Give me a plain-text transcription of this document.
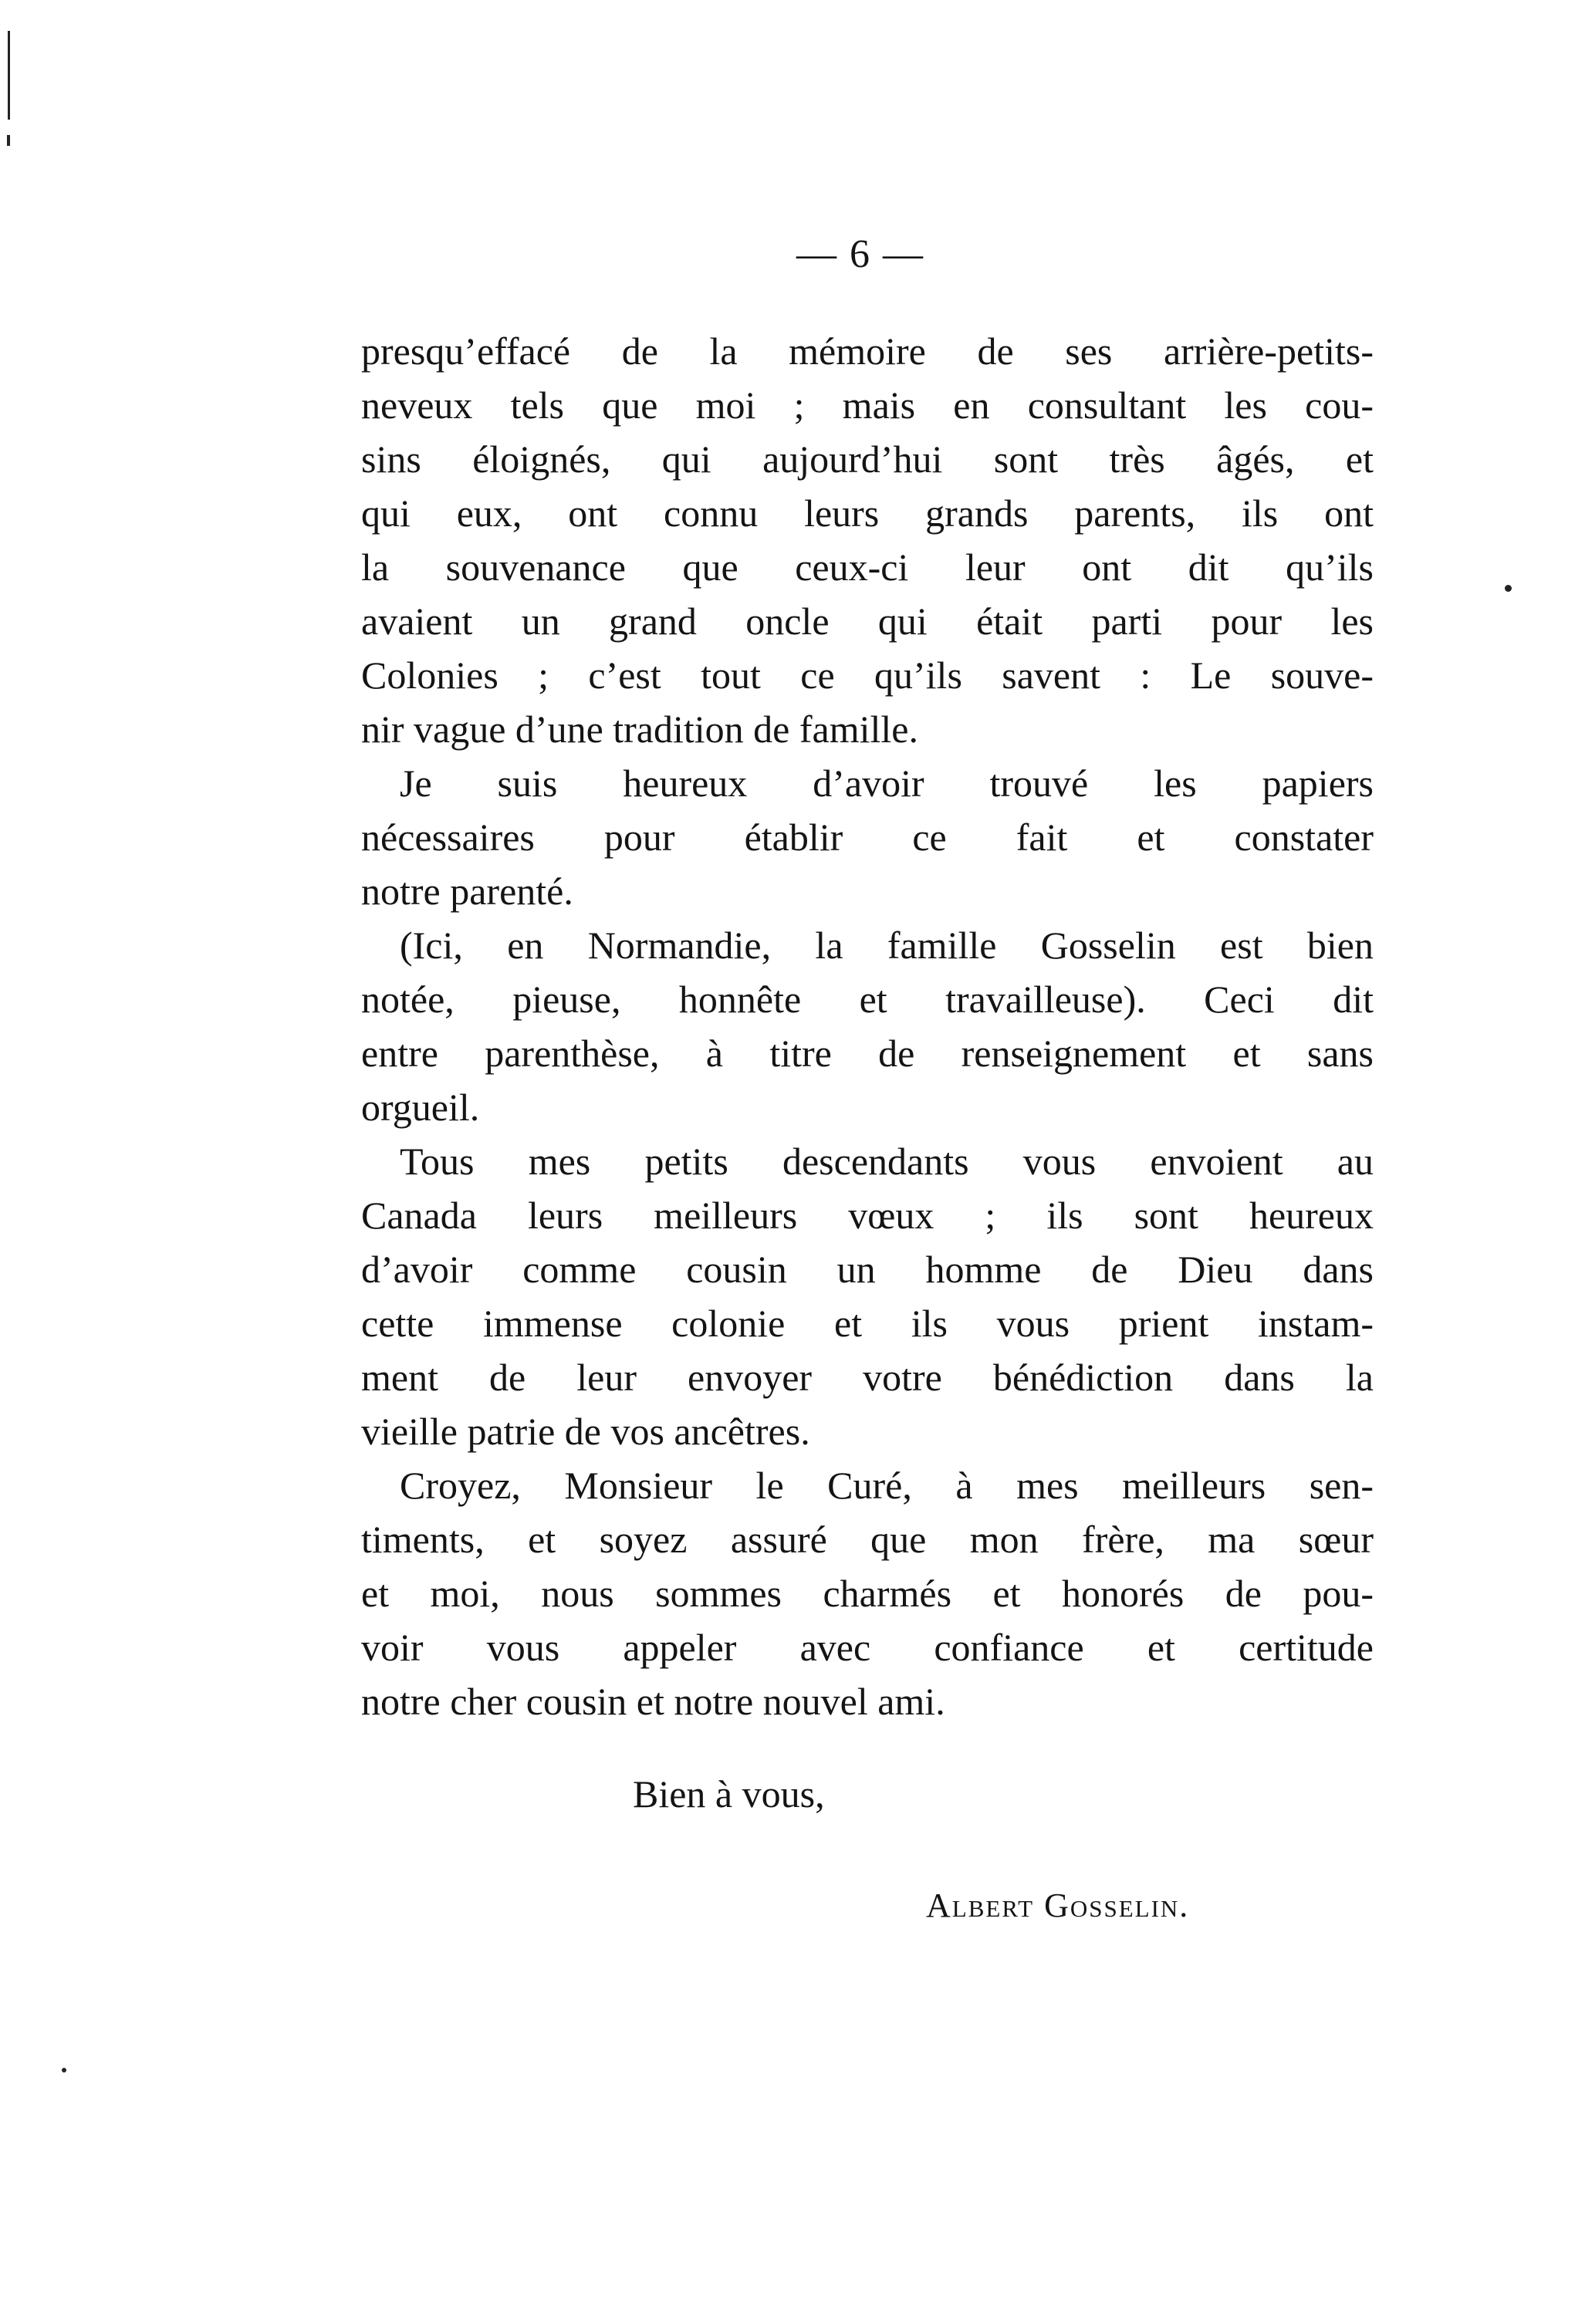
— 6 —
presqu’effacé de la mémoire de ses arrière-petits-
neveux tels que moi ; mais en consultant les cou-
sins éloignés, qui aujourd’hui sont très âgés, et
qui eux, ont connu leurs grands parents, ils ont
la souvenance que ceux-ci leur ont dit qu’ils
avaient un grand oncle qui était parti pour les
Colonies ; c’est tout ce qu’ils savent : Le souve-
nir vague d’une tradition de famille.
Je suis heureux d’avoir trouvé les papiers
nécessaires pour établir ce fait et constater
notre parenté.
(Ici, en Normandie, la famille Gosselin est bien
notée, pieuse, honnête et travailleuse). Ceci dit
entre parenthèse, à titre de renseignement et sans
orgueil.
Tous mes petits descendants vous envoient au
Canada leurs meilleurs vœux ; ils sont heureux
d’avoir comme cousin un homme de Dieu dans
cette immense colonie et ils vous prient instam-
ment de leur envoyer votre bénédiction dans la
vieille patrie de vos ancêtres.
Croyez, Monsieur le Curé, à mes meilleurs sen-
timents, et soyez assuré que mon frère, ma sœur
et moi, nous sommes charmés et honorés de pou-
voir vous appeler avec confiance et certitude
notre cher cousin et notre nouvel ami.
Bien à vous,
Albert Gosselin.
